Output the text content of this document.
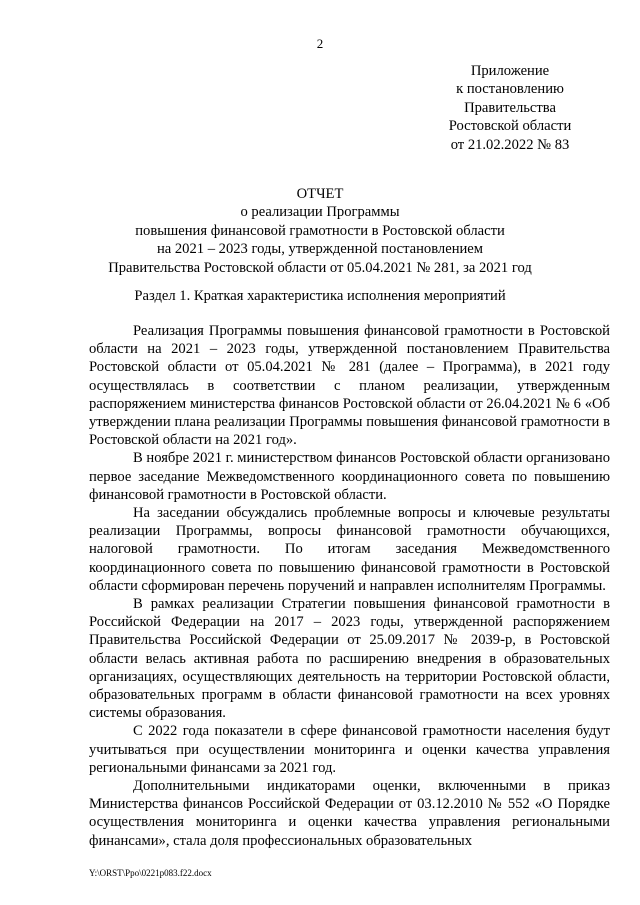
2
Приложение
к постановлению
Правительства
Ростовской области
от 21.02.2022 № 83
ОТЧЕТ
о реализации Программы
повышения финансовой грамотности в Ростовской области
на 2021 – 2023 годы, утвержденной постановлением
Правительства Ростовской области от 05.04.2021 № 281, за 2021 год
Раздел 1. Краткая характеристика исполнения мероприятий

Реализация Программы повышения финансовой грамотности в Ростовской области на 2021 – 2023 годы, утвержденной постановлением Правительства Ростовской области от 05.04.2021 № 281 (далее – Программа), в 2021 году осуществлялась в соответствии с планом реализации, утвержденным распоряжением министерства финансов Ростовской области от 26.04.2021 № 6 «Об утверждении плана реализации Программы повышения финансовой грамотности в Ростовской области на 2021 год».

В ноябре 2021 г. министерством финансов Ростовской области организовано первое заседание Межведомственного координационного совета по повышению финансовой грамотности в Ростовской области.

На заседании обсуждались проблемные вопросы и ключевые результаты реализации Программы, вопросы финансовой грамотности обучающихся, налоговой грамотности. По итогам заседания Межведомственного координационного совета по повышению финансовой грамотности в Ростовской области сформирован перечень поручений и направлен исполнителям Программы.

В рамках реализации Стратегии повышения финансовой грамотности в Российской Федерации на 2017 – 2023 годы, утвержденной распоряжением Правительства Российской Федерации от 25.09.2017 № 2039-р, в Ростовской области велась активная работа по расширению внедрения в образовательных организациях, осуществляющих деятельность на территории Ростовской области, образовательных программ в области финансовой грамотности на всех уровнях системы образования.

С 2022 года показатели в сфере финансовой грамотности населения будут учитываться при осуществлении мониторинга и оценки качества управления региональными финансами за 2021 год.

Дополнительными индикаторами оценки, включенными в приказ Министерства финансов Российской Федерации от 03.12.2010 № 552 «О Порядке осуществления мониторинга и оценки качества управления региональными финансами», стала доля профессиональных образовательных

Y:\ORST\Ppo\0221p083.f22.docx
